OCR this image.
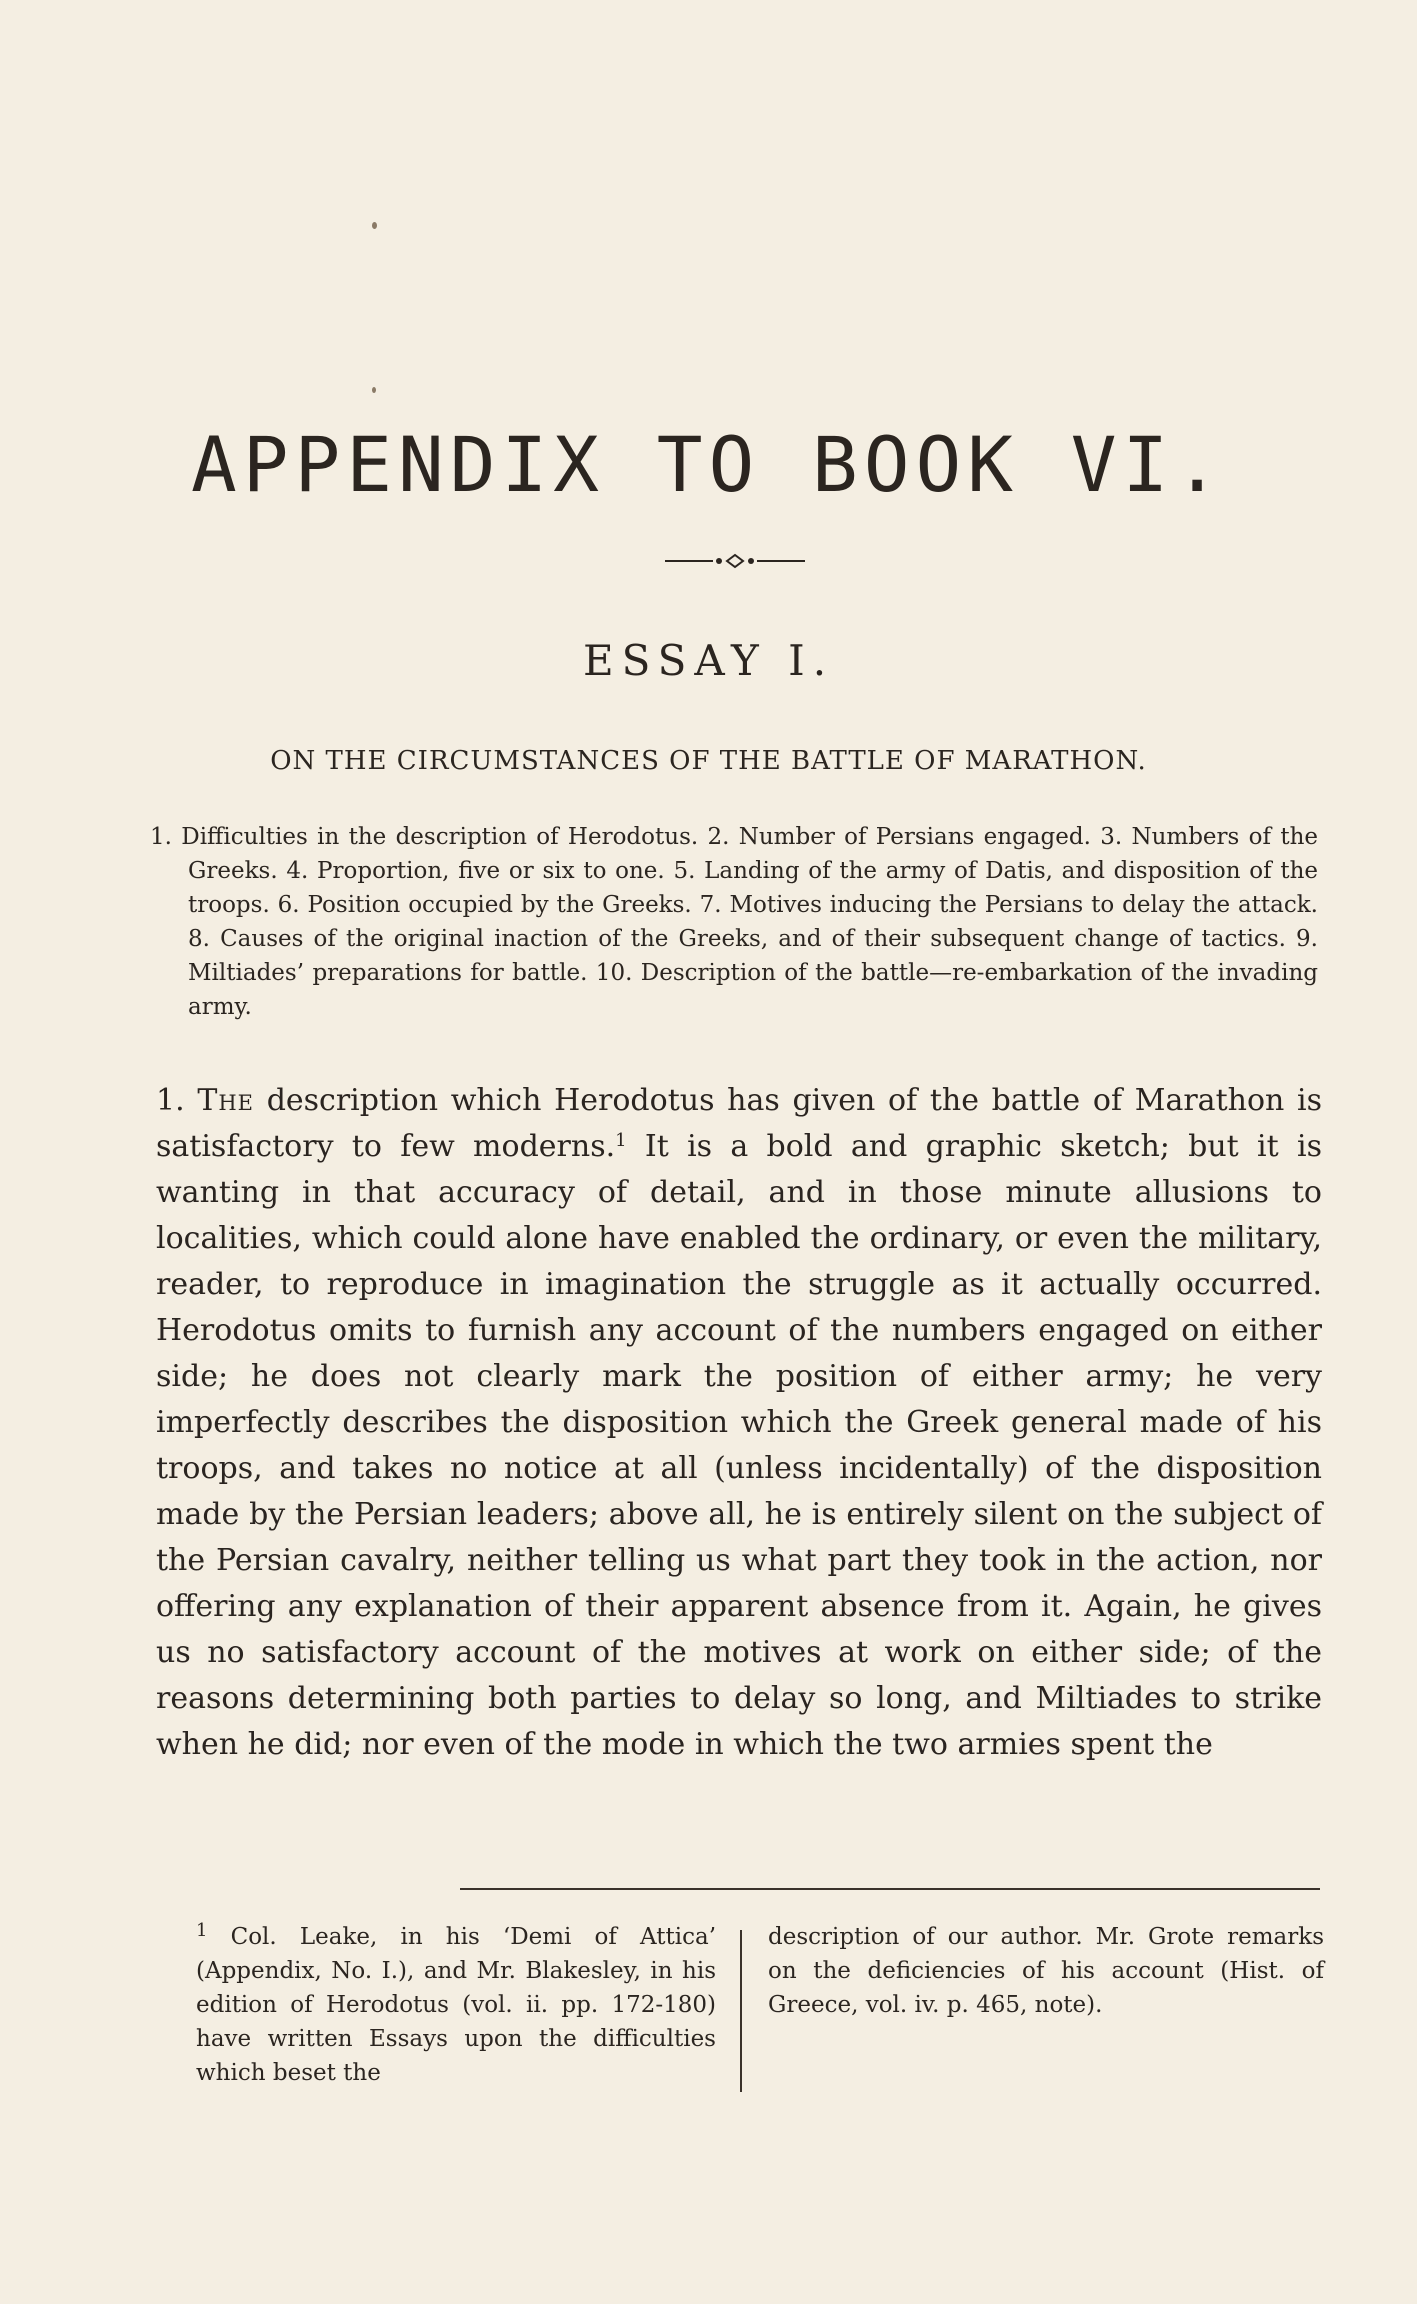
APPENDIX TO BOOK VI.
ESSAY I.
ON THE CIRCUMSTANCES OF THE BATTLE OF MARATHON.
1. Difficulties in the description of Herodotus. 2. Number of Persians engaged. 3. Numbers of the Greeks. 4. Proportion, five or six to one. 5. Landing of the army of Datis, and disposition of the troops. 6. Position occupied by the Greeks. 7. Motives inducing the Persians to delay the attack. 8. Causes of the original inaction of the Greeks, and of their subsequent change of tactics. 9. Miltiades’ preparations for battle. 10. Description of the battle—re-embarkation of the invading army.
1. The description which Herodotus has given of the battle of Marathon is satisfactory to few moderns.$^1$ It is a bold and graphic sketch; but it is wanting in that accuracy of detail, and in those minute allusions to localities, which could alone have enabled the ordinary, or even the military, reader, to reproduce in imagination the struggle as it actually occurred. Herodotus omits to furnish any account of the numbers engaged on either side; he does not clearly mark the position of either army; he very imperfectly describes the disposition which the Greek general made of his troops, and takes no notice at all (unless incidentally) of the disposition made by the Persian leaders; above all, he is entirely silent on the subject of the Persian cavalry, neither telling us what part they took in the action, nor offering any explanation of their apparent absence from it. Again, he gives us no satisfactory account of the motives at work on either side; of the reasons determining both parties to delay so long, and Miltiades to strike when he did; nor even of the mode in which the two armies spent the
$^1$ Col. Leake, in his ‘Demi of Attica’ (Appendix, No. I.), and Mr. Blakesley, in his edition of Herodotus (vol. ii. pp. 172-180) have written Essays upon the difficulties which beset the
description of our author. Mr. Grote remarks on the deficiencies of his account (Hist. of Greece, vol. iv. p. 465, note).
